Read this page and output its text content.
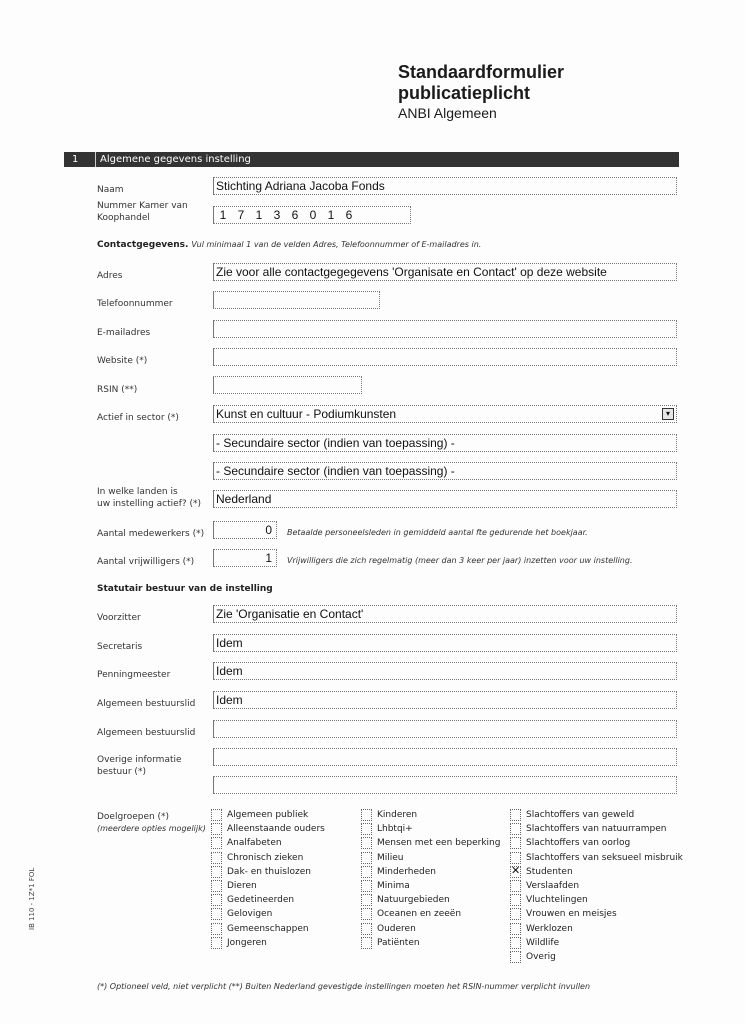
Standaardformulier
publicatieplicht
ANBI Algemeen
1 Algemene gegevens instelling
Naam	Stichting Adriana Jacoba Fonds
Nummer Kamer van
Koophandel	1 7 1 3 6 0 1 6
Contactgegevens. Vul minimaal 1 van de velden Adres, Telefoonnummer of E-mailadres in.
Adres	Zie voor alle contactgegegevens 'Organisate en Contact' op deze website
Telefoonnummer
E-mailadres
Website (*)
RSIN (**)
Actief in sector (*)	Kunst en cultuur - Podiumkunsten	▾
- Secundaire sector (indien van toepassing) -
- Secundaire sector (indien van toepassing) -
In welke landen is
uw instelling actief? (*) Nederland
Aantal medewerkers (*)	0	Betaalde personeelsleden in gemiddeld aantal fte gedurende het boekjaar.
Aantal vrijwilligers (*)	1	Vrijwilligers die zich regelmatig (meer dan 3 keer per jaar) inzetten voor uw instelling.
Statutair bestuur van de instelling
Voorzitter	Zie 'Organisatie en Contact'
Secretaris	Idem
Penningmeester	Idem
Algemeen bestuurslid Idem
Algemeen bestuurslid
Overige informatie
bestuur (*)
Doelgroepen (*)
(meerdere opties mogelijk)
Algemeen publiek
Alleenstaande ouders
Analfabeten
Chronisch zieken
Dak- en thuislozen
Dieren
Gedetineerden
Gelovigen
Gemeenschappen
Jongeren
Kinderen
Lhbtqi+
Mensen met een beperking
Milieu
Minderheden
Minima
Natuurgebieden
Oceanen en zeeën
Ouderen
Patiënten
Slachtoffers van geweld
Slachtoffers van natuurrampen
Slachtoffers van oorlog
Slachtoffers van seksueel misbruik
✕
Studenten
Verslaafden
Vluchtelingen
Vrouwen en meisjes
Werklozen
Wildlife
Overig
(*) Optioneel veld, niet verplicht (**) Buiten Nederland gevestigde instellingen moeten het RSIN-nummer verplicht invullen
IB 110 - 1Z*1 FOL
